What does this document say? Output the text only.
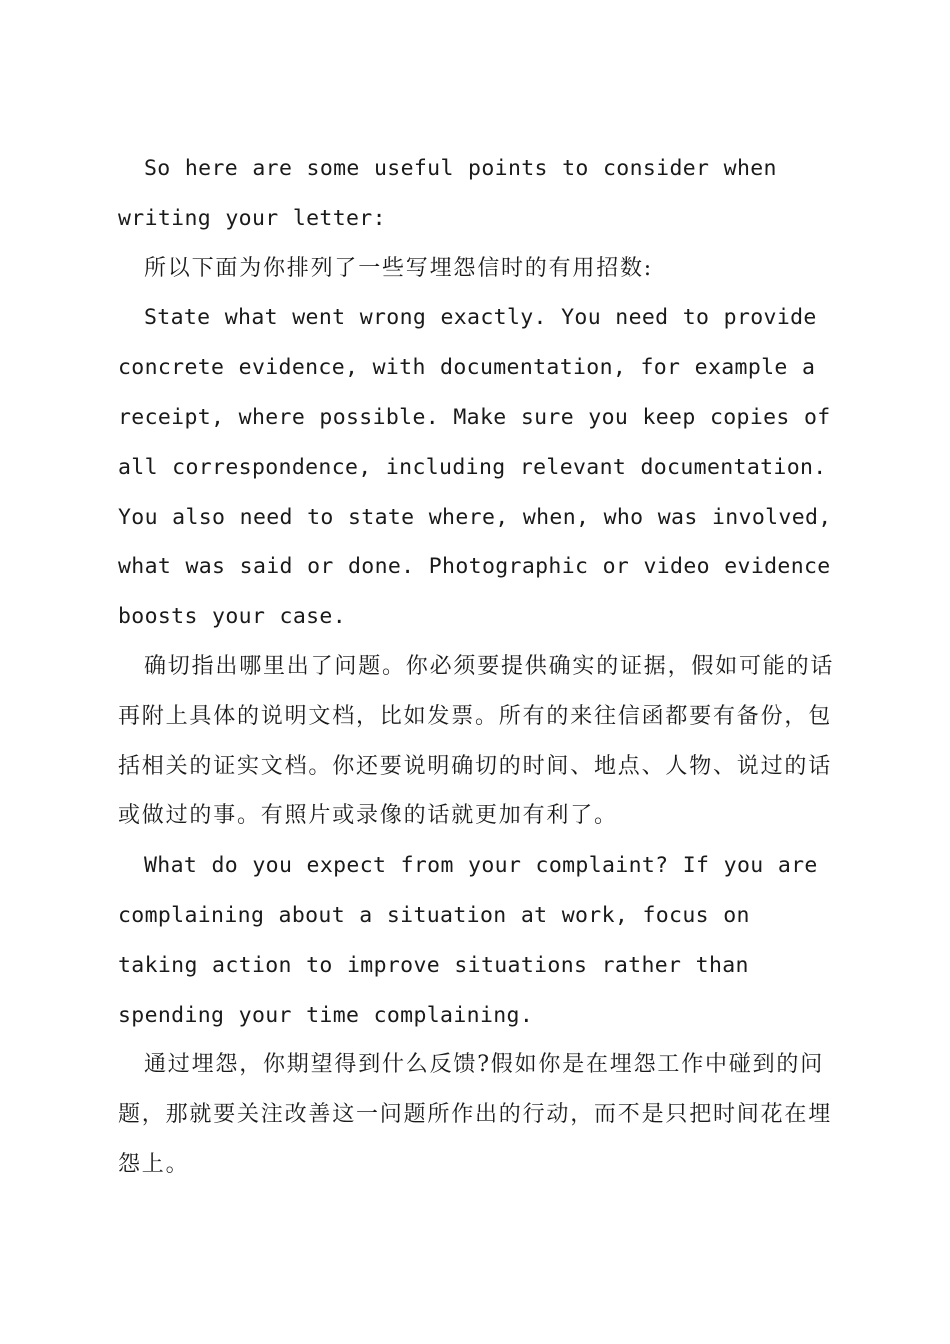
So here are some useful points to consider when writing your letter:

所以下面为你排列了一些写埋怨信时的有用招数:

State what went wrong exactly. You need to provide concrete evidence, with documentation, for example a receipt, where possible. Make sure you keep copies of all correspondence, including relevant documentation. You also need to state where, when, who was involved, what was said or done. Photographic or video evidence boosts your case.

确切指出哪里出了问题。你必须要提供确实的证据，假如可能的话再附上具体的说明文档，比如发票。所有的来往信函都要有备份，包括相关的证实文档。你还要说明确切的时间、地点、人物、说过的话或做过的事。有照片或录像的话就更加有利了。

What do you expect from your complaint? If you are complaining about a situation at work, focus on taking action to improve situations rather than spending your time complaining.

通过埋怨，你期望得到什么反馈?假如你是在埋怨工作中碰到的问题，那就要关注改善这一问题所作出的行动，而不是只把时间花在埋怨上。
